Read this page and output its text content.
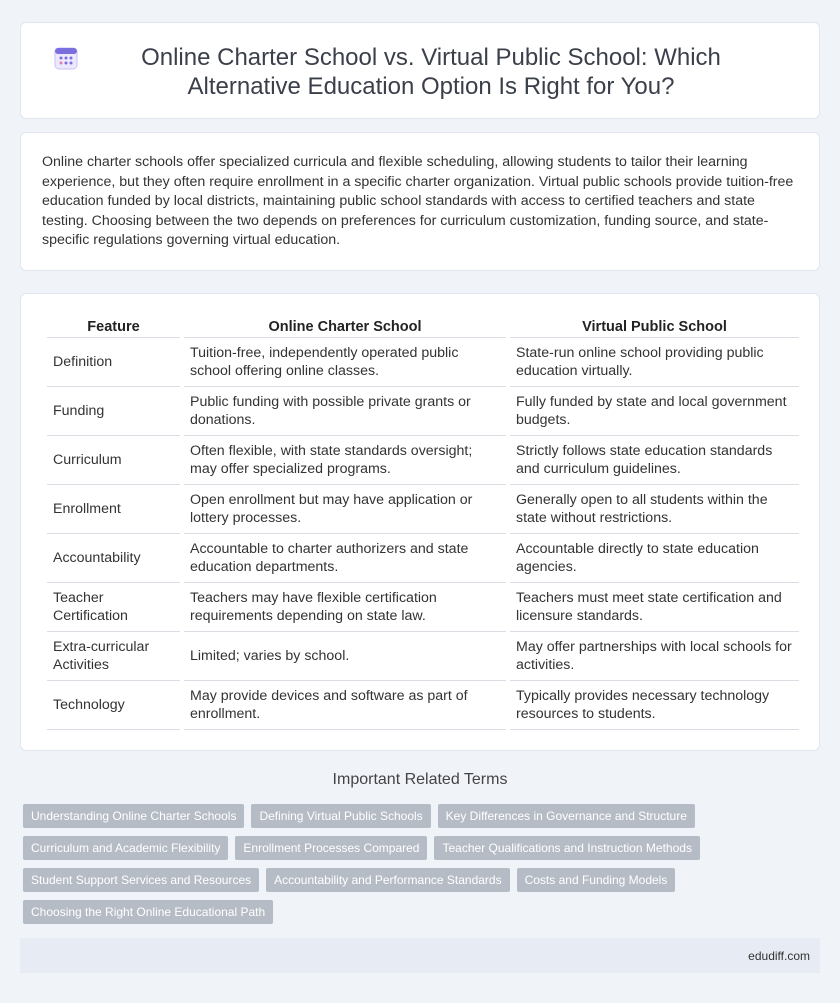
Online Charter School vs. Virtual Public School: Which Alternative Education Option Is Right for You?

Online charter schools offer specialized curricula and flexible scheduling, allowing students to tailor their learning experience, but they often require enrollment in a specific charter organization. Virtual public schools provide tuition-free education funded by local districts, maintaining public school standards with access to certified teachers and state testing. Choosing between the two depends on preferences for curriculum customization, funding source, and state-specific regulations governing virtual education.

Feature	Online Charter School	Virtual Public School
Definition	Tuition-free, independently operated public school offering online classes.	State-run online school providing public education virtually.
Funding	Public funding with possible private grants or donations.	Fully funded by state and local government budgets.
Curriculum	Often flexible, with state standards oversight; may offer specialized programs.	Strictly follows state education standards and curriculum guidelines.
Enrollment	Open enrollment but may have application or lottery processes.	Generally open to all students within the state without restrictions.
Accountability	Accountable to charter authorizers and state education departments.	Accountable directly to state education agencies.
Teacher Certification	Teachers may have flexible certification requirements depending on state law.	Teachers must meet state certification and licensure standards.
Extra-curricular Activities	Limited; varies by school.	May offer partnerships with local schools for activities.
Technology	May provide devices and software as part of enrollment.	Typically provides necessary technology resources to students.
Important Related Terms
Understanding Online Charter Schools	Defining Virtual Public Schools	Key Differences in Governance and Structure
Curriculum and Academic Flexibility	Enrollment Processes Compared	Teacher Qualifications and Instruction Methods
Student Support Services and Resources	Accountability and Performance Standards	Costs and Funding Models
Choosing the Right Online Educational Path
edudiff.com
